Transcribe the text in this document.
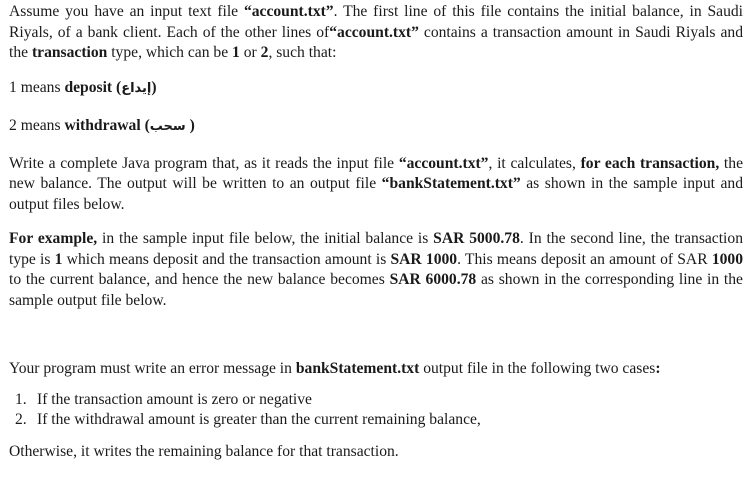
Assume you have an input text file “account.txt”. The first line of this file contains the initial balance, in Saudi Riyals, of a bank client. Each of the other lines of“account.txt” contains a transaction amount in Saudi Riyals and the transaction type, which can be 1 or 2, such that:

1 means deposit (إيداع)

2 means withdrawal (سحب )

Write a complete Java program that, as it reads the input file “account.txt”, it calculates, for each transaction, the new balance. The output will be written to an output file “bankStatement.txt” as shown in the sample input and output files below.

For example, in the sample input file below, the initial balance is SAR 5000.78. In the second line, the transaction type is 1 which means deposit and the transaction amount is SAR 1000. This means deposit an amount of SAR 1000 to the current balance, and hence the new balance becomes SAR 6000.78 as shown in the corresponding line in the sample output file below.

Your program must write an error message in bankStatement.txt output file in the following two cases:

1. If the transaction amount is zero or negative
2. If the withdrawal amount is greater than the current remaining balance,

Otherwise, it writes the remaining balance for that transaction.
